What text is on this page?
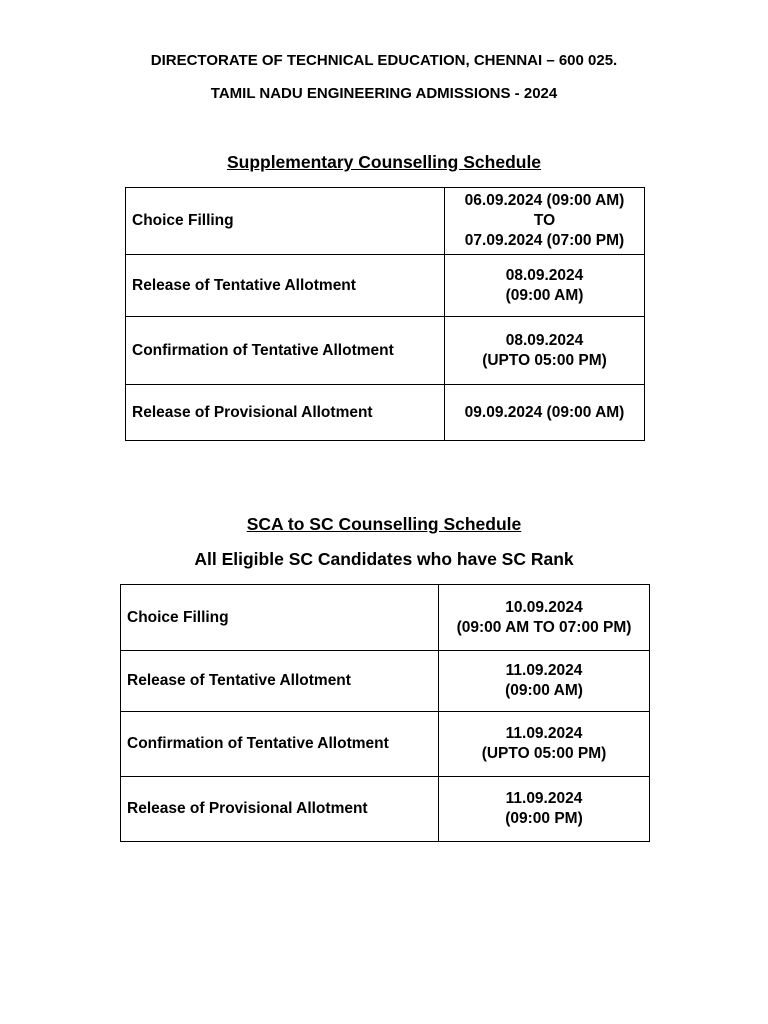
DIRECTORATE OF TECHNICAL EDUCATION, CHENNAI – 600 025.
TAMIL NADU ENGINEERING ADMISSIONS - 2024
Supplementary Counselling Schedule
Choice Filling	06.09.2024 (09:00 AM)
TO
07.09.2024 (07:00 PM)

Release of Tentative Allotment	08.09.2024
(09:00 AM)

Confirmation of Tentative Allotment	08.09.2024
(UPTO 05:00 PM)

Release of Provisional Allotment	09.09.2024 (09:00 AM)
SCA to SC Counselling Schedule
All Eligible SC Candidates who have SC Rank
Choice Filling	10.09.2024
(09:00 AM TO 07:00 PM)

Release of Tentative Allotment	11.09.2024
(09:00 AM)

Confirmation of Tentative Allotment	11.09.2024
(UPTO 05:00 PM)

Release of Provisional Allotment	11.09.2024
(09:00 PM)
